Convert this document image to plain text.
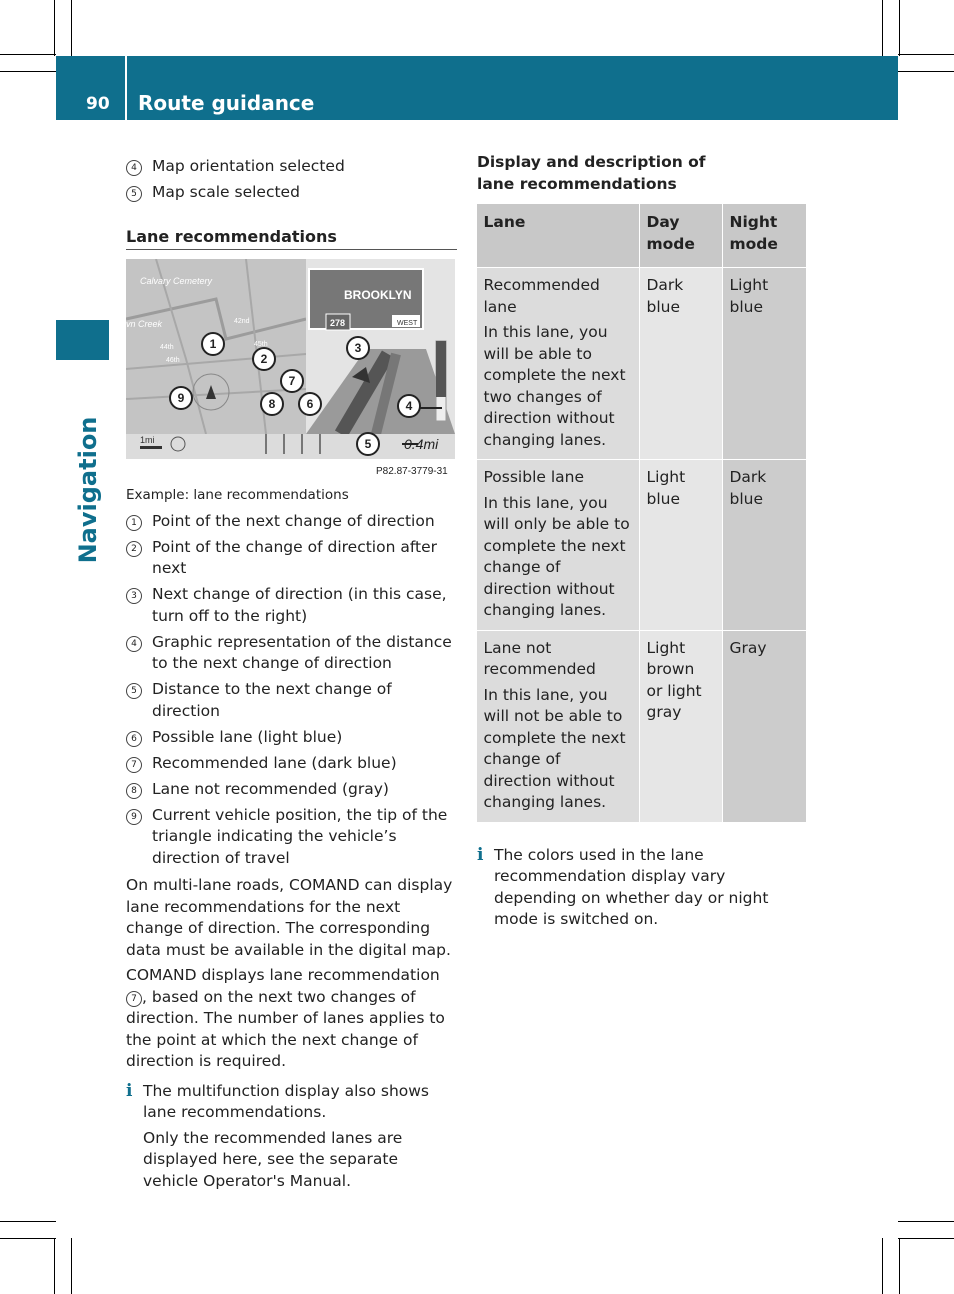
90 Route guidance
Navigation
4 Map orientation selected
5 Map scale selected
Lane recommendations
Calvary Cemetery
vn Creek	42nd
44th	45th
46th
BROOKLYN
278	WEST
1mi	0.4mi
P82.87-3779-31
1
2
3
4
5
6
7
8
9
Example: lane recommendations
1 Point of the next change of direction
2 Point of the change of direction after next
3 Next change of direction (in this case, turn off to the right)
4 Graphic representation of the distance to the next change of direction
5 Distance to the next change of direction
6 Possible lane (light blue)
7 Recommended lane (dark blue)
8 Lane not recommended (gray)
9 Current vehicle position, the tip of the triangle indicating the vehicle’s direction of travel

On multi-lane roads, COMAND can display lane recommendations for the next change of direction. The corresponding data must be available in the digital map.

COMAND displays lane recommendation 7 , based on the next two changes of direction. The number of lanes applies to the point at which the next change of direction is required.

i The multifunction display also shows lane recommendations.

Only the recommended lanes are displayed here, see the separate vehicle Operator's Manual.

Display and description of lane recommendations
Lane	Day mode	Night mode

Recommended lane
In this lane, you will be able to complete the next two changes of direction without changing lanes.	Dark blue	Light blue

Possible lane
In this lane, you will only be able to complete the next change of direction without changing lanes.	Light blue	Dark blue

Lane not recommended
In this lane, you will not be able to complete the next change of direction without changing lanes.	Light brown or light gray	Gray
i The colors used in the lane recommendation display vary depending on whether day or night mode is switched on.
